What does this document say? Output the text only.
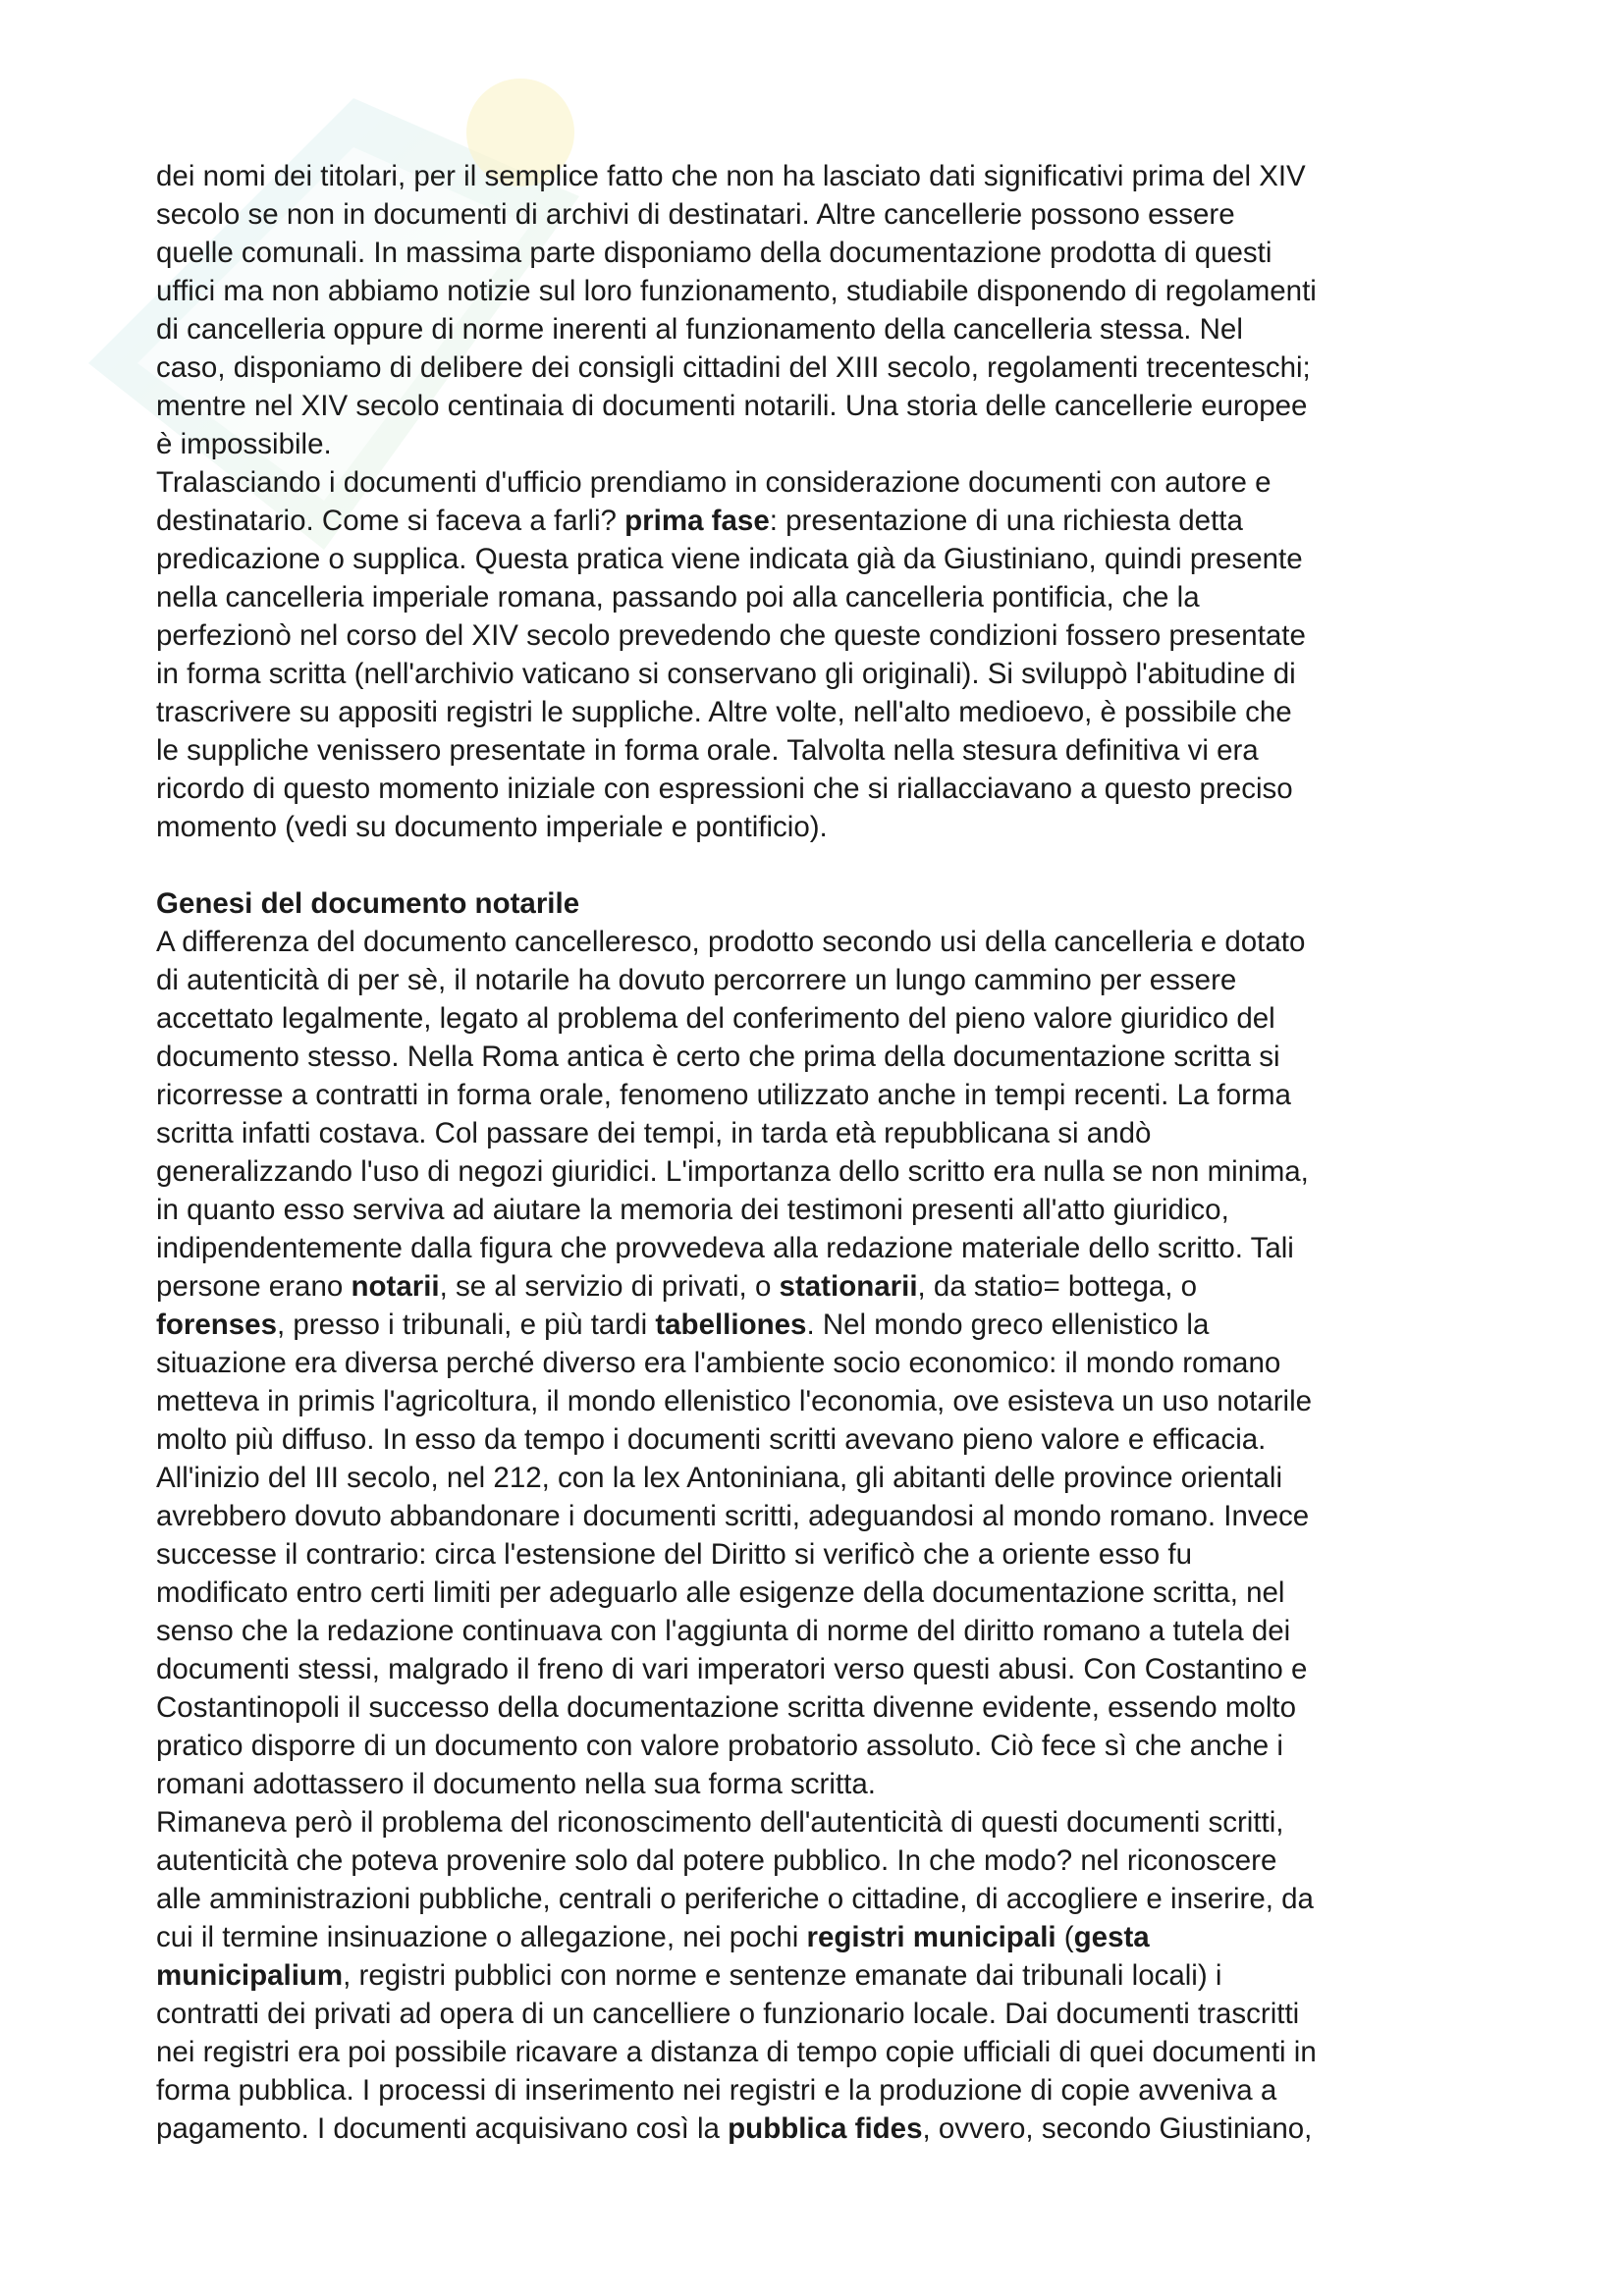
dei nomi dei titolari, per il semplice fatto che non ha lasciato dati significativi prima del XIV

secolo se non in documenti di archivi di destinatari. Altre cancellerie possono essere

quelle comunali. In massima parte disponiamo della documentazione prodotta di questi

uffici ma non abbiamo notizie sul loro funzionamento, studiabile disponendo di regolamenti

di cancelleria oppure di norme inerenti al funzionamento della cancelleria stessa. Nel

caso, disponiamo di delibere dei consigli cittadini del XIII secolo, regolamenti trecenteschi;

mentre nel XIV secolo centinaia di documenti notarili. Una storia delle cancellerie europee

è impossibile.

Tralasciando i documenti d'ufficio prendiamo in considerazione documenti con autore e

destinatario. Come si faceva a farli? prima fase: presentazione di una richiesta detta

predicazione o supplica. Questa pratica viene indicata già da Giustiniano, quindi presente

nella cancelleria imperiale romana, passando poi alla cancelleria pontificia, che la

perfezionò nel corso del XIV secolo prevedendo che queste condizioni fossero presentate

in forma scritta (nell'archivio vaticano si conservano gli originali). Si sviluppò l'abitudine di

trascrivere su appositi registri le suppliche. Altre volte, nell'alto medioevo, è possibile che

le suppliche venissero presentate in forma orale. Talvolta nella stesura definitiva vi era

ricordo di questo momento iniziale con espressioni che si riallacciavano a questo preciso

momento (vedi su documento imperiale e pontificio).

Genesi del documento notarile

A differenza del documento cancelleresco, prodotto secondo usi della cancelleria e dotato

di autenticità di per sè, il notarile ha dovuto percorrere un lungo cammino per essere

accettato legalmente, legato al problema del conferimento del pieno valore giuridico del

documento stesso. Nella Roma antica è certo che prima della documentazione scritta si

ricorresse a contratti in forma orale, fenomeno utilizzato anche in tempi recenti. La forma

scritta infatti costava. Col passare dei tempi, in tarda età repubblicana si andò

generalizzando l'uso di negozi giuridici. L'importanza dello scritto era nulla se non minima,

in quanto esso serviva ad aiutare la memoria dei testimoni presenti all'atto giuridico,

indipendentemente dalla figura che provvedeva alla redazione materiale dello scritto. Tali

persone erano notarii, se al servizio di privati, o stationarii, da statio= bottega, o

forenses, presso i tribunali, e più tardi tabelliones. Nel mondo greco ellenistico la

situazione era diversa perché diverso era l'ambiente socio economico: il mondo romano

metteva in primis l'agricoltura, il mondo ellenistico l'economia, ove esisteva un uso notarile

molto più diffuso. In esso da tempo i documenti scritti avevano pieno valore e efficacia.

All'inizio del III secolo, nel 212, con la lex Antoniniana, gli abitanti delle province orientali

avrebbero dovuto abbandonare i documenti scritti, adeguandosi al mondo romano. Invece

successe il contrario: circa l'estensione del Diritto si verificò che a oriente esso fu

modificato entro certi limiti per adeguarlo alle esigenze della documentazione scritta, nel

senso che la redazione continuava con l'aggiunta di norme del diritto romano a tutela dei

documenti stessi, malgrado il freno di vari imperatori verso questi abusi. Con Costantino e

Costantinopoli il successo della documentazione scritta divenne evidente, essendo molto

pratico disporre di un documento con valore probatorio assoluto. Ciò fece sì che anche i

romani adottassero il documento nella sua forma scritta.

Rimaneva però il problema del riconoscimento dell'autenticità di questi documenti scritti,

autenticità che poteva provenire solo dal potere pubblico. In che modo? nel riconoscere

alle amministrazioni pubbliche, centrali o periferiche o cittadine, di accogliere e inserire, da

cui il termine insinuazione o allegazione, nei pochi registri municipali (gesta

municipalium, registri pubblici con norme e sentenze emanate dai tribunali locali) i

contratti dei privati ad opera di un cancelliere o funzionario locale. Dai documenti trascritti

nei registri era poi possibile ricavare a distanza di tempo copie ufficiali di quei documenti in

forma pubblica. I processi di inserimento nei registri e la produzione di copie avveniva a

pagamento. I documenti acquisivano così la pubblica fides, ovvero, secondo Giustiniano,
